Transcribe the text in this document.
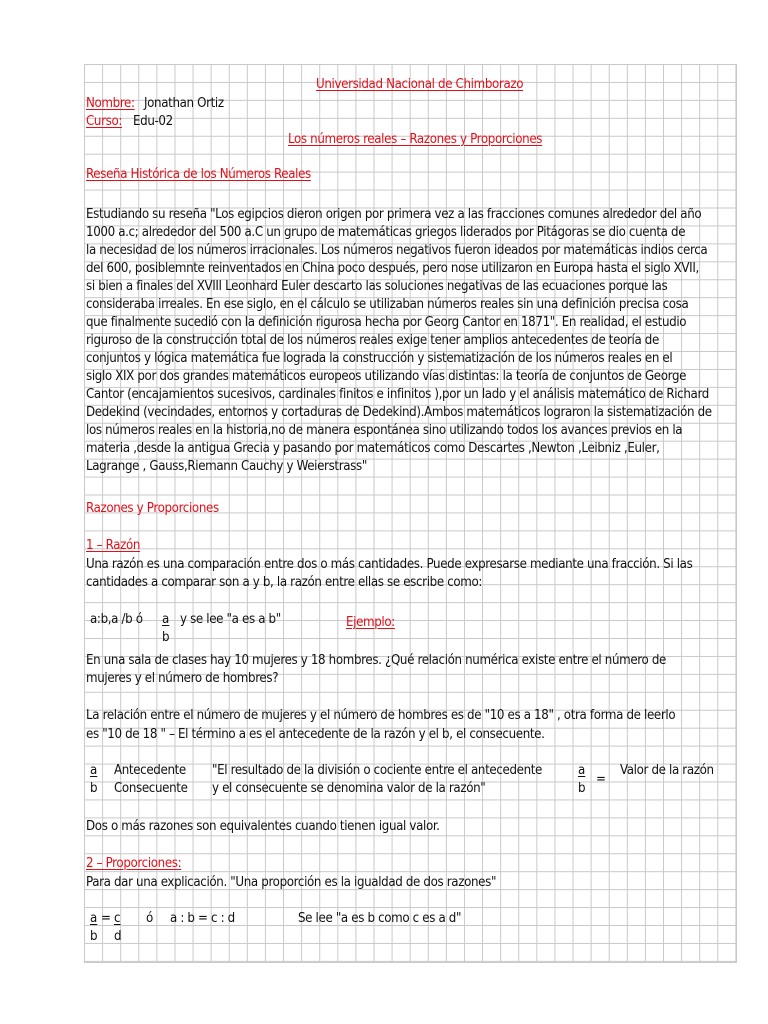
Universidad Nacional de Chimborazo
Nombre: Jonathan Ortiz
Curso: Edu-02
Los números reales – Razones y Proporciones
Reseña Histórica de los Números Reales
Estudiando su reseña "Los egipcios dieron origen por primera vez a las fracciones comunes alrededor del año
1000 a.c; alrededor del 500 a.C un grupo de matemáticas griegos liderados por Pitágoras se dio cuenta de
la necesidad de los números irracionales. Los números negativos fueron ideados por matemáticas indios cerca
del 600, posiblemnte reinventados en China poco después, pero nose utilizaron en Europa hasta el siglo XVII,
si bien a finales del XVIII Leonhard Euler descarto las soluciones negativas de las ecuaciones porque las
consideraba irreales. En ese siglo, en el cálculo se utilizaban números reales sin una definición precisa cosa
que finalmente sucedió con la definición rigurosa hecha por Georg Cantor en 1871". En realidad, el estudio
riguroso de la construcción total de los números reales exige tener amplios antecedentes de teoría de
conjuntos y lógica matemática fue lograda la construcción y sistematización de los números reales en el
siglo XIX por dos grandes matemáticos europeos utilizando vías distintas: la teoría de conjuntos de George
Cantor (encajamientos sucesivos, cardinales finitos e infinitos ),por un lado y el análisis matemático de Richard
Dedekind (vecindades, entornos y cortaduras de Dedekind).Ambos matemáticos lograron la sistematización de
los números reales en la historia,no de manera espontánea sino utilizando todos los avances previos en la
materia ,desde la antigua Grecia y pasando por matemáticos como Descartes ,Newton ,Leibniz ,Euler,
Lagrange , Gauss,Riemann Cauchy y Weierstrass"
Razones y Proporciones
1 – Razón
Una razón es una comparación entre dos o más cantidades. Puede expresarse mediante una fracción. Si las
cantidades a comparar son a y b, la razón entre ellas se escribe como:
a:b,a /b ó a
b
y se lee "a es a b"	Ejemplo:
En una sala de clases hay 10 mujeres y 18 hombres. ¿Qué relación numérica existe entre el número de
mujeres y el número de hombres?
La relación entre el número de mujeres y el número de hombres es de "10 es a 18" , otra forma de leerlo
es "10 de 18 " – El término a es el antecedente de la razón y el b, el consecuente.
a
b
Antecedente
Consecuente
"El resultado de la división o cociente entre el antecedente
y el consecuente se denomina valor de la razón"
a
b
=
Valor de la razón
Dos o más razones son equivalentes cuando tienen igual valor.
2 – Proporciones:
Para dar una explicación. "Una proporción es la igualdad de dos razones"
a
b
= c
d
ó a : b = c : d	Se lee "a es b como c es a d"
